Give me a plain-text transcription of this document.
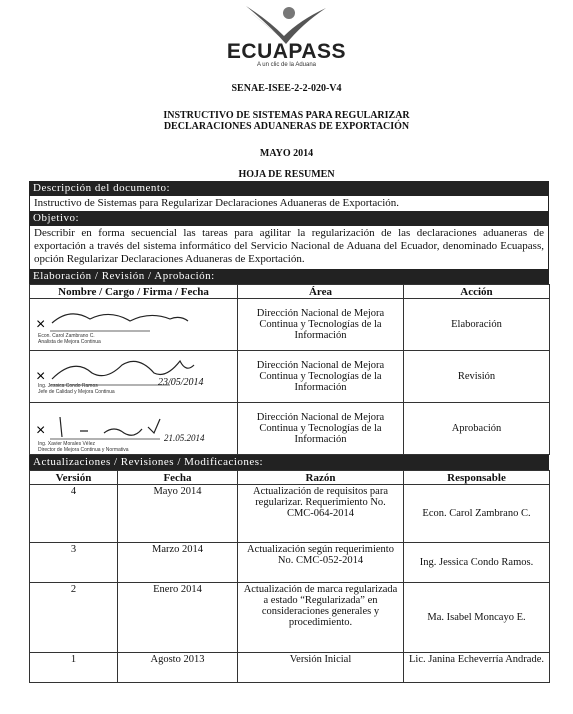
ECUAPASS
A un clic de la Aduana
SENAE-ISEE-2-2-020-V4
INSTRUCTIVO DE SISTEMAS PARA REGULARIZAR
DECLARACIONES ADUANERAS DE EXPORTACIÓN
MAYO 2014
HOJA DE RESUMEN
Descripción del documento:
Instructivo de Sistemas para Regularizar Declaraciones Aduaneras de Exportación.
Objetivo:
Describir en forma secuencial las tareas para agilitar la regularización de las declaraciones aduaneras de exportación a través del sistema informático del Servicio Nacional de Aduana del Ecuador, denominado Ecuapass, opción Regularizar Declaraciones Aduaneras de Exportación.
Elaboración / Revisión / Aprobación:
Nombre / Cargo / Firma / Fecha	Área	Acción

×
Econ. Carol Zambrano C.
Analista de Mejora Continua	Dirección Nacional de Mejora Continua y Tecnologías de la Información	Elaboración

×
Ing. Jessica Condo Ramos
Jefe de Calidad y Mejora Continua
23/05/2014	Dirección Nacional de Mejora Continua y Tecnologías de la Información	Revisión

×
Ing. Xavier Morales Vélez
Director de Mejora Continua y Normativa
21.05.2014	Dirección Nacional de Mejora Continua y Tecnologías de la Información	Aprobación
Actualizaciones / Revisiones / Modificaciones:
Versión	Fecha	Razón	Responsable
4	Mayo 2014	Actualización de requisitos para regularizar. Requerimiento No. CMC-064-2014	Econ. Carol Zambrano C.
3	Marzo 2014	Actualización según requerimiento No. CMC-052-2014	Ing. Jessica Condo Ramos.
2	Enero 2014	Actualización de marca regularizada a estado “Regularizada” en consideraciones generales y procedimiento.	Ma. Isabel Moncayo E.
1	Agosto 2013	Versión Inicial	Lic. Janina Echeverría Andrade.
